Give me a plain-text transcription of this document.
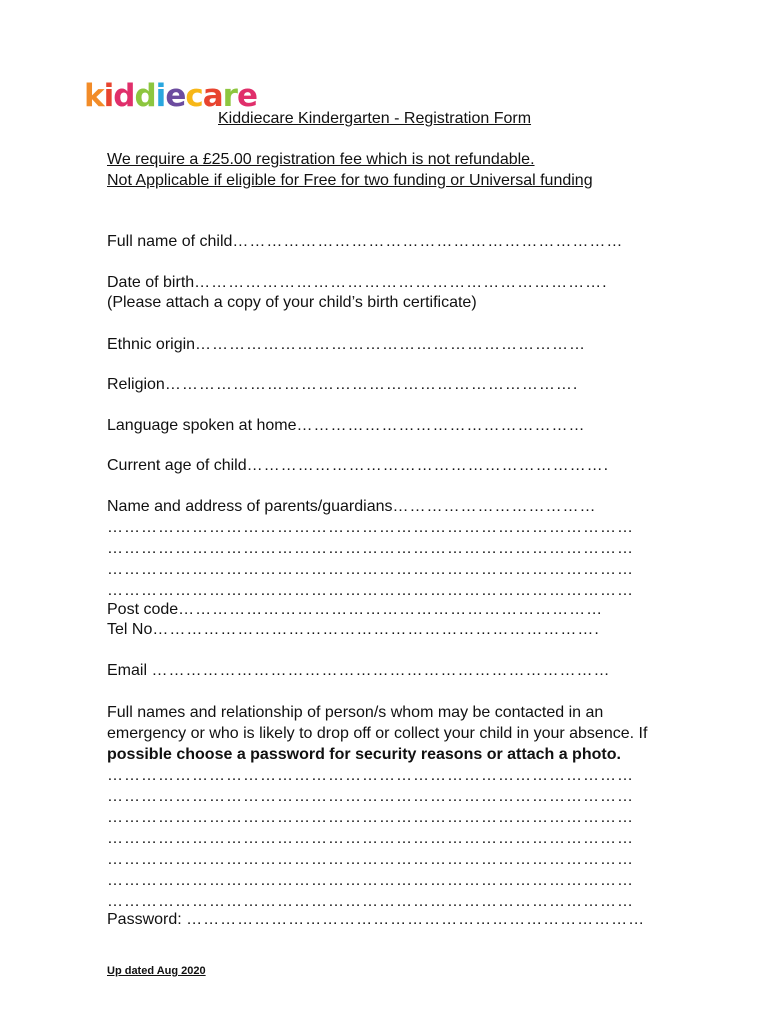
kiddiecare
Kiddiecare Kindergarten - Registration Form
We require a £25.00 registration fee which is not refundable.
Not Applicable if eligible for Free for two funding or Universal funding
Full name of child……………………………………………………………
Date of birth……………………………………………………………….
(Please attach a copy of your child’s birth certificate)
Ethnic origin……………………………………………………………
Religion……………………………………………………………….
Language spoken at home……………………………………………
Current age of child……………………………………………………….
Name and address of parents/guardians………………………………
…………………………………………………………………………………
…………………………………………………………………………………
…………………………………………………………………………………
…………………………………………………………………………………
Post code…………………………………………………………………
Tel No…………………………………………………………………….
Email ………………………………………………………………………
Full names and relationship of person/s whom may be contacted in an
emergency or who is likely to drop off or collect your child in your absence. If
possible choose a password for security reasons or attach a photo.
…………………………………………………………………………………
…………………………………………………………………………………
…………………………………………………………………………………
…………………………………………………………………………………
…………………………………………………………………………………
…………………………………………………………………………………
…………………………………………………………………………………
Password: ………………………………………………………………………
Up dated Aug 2020
